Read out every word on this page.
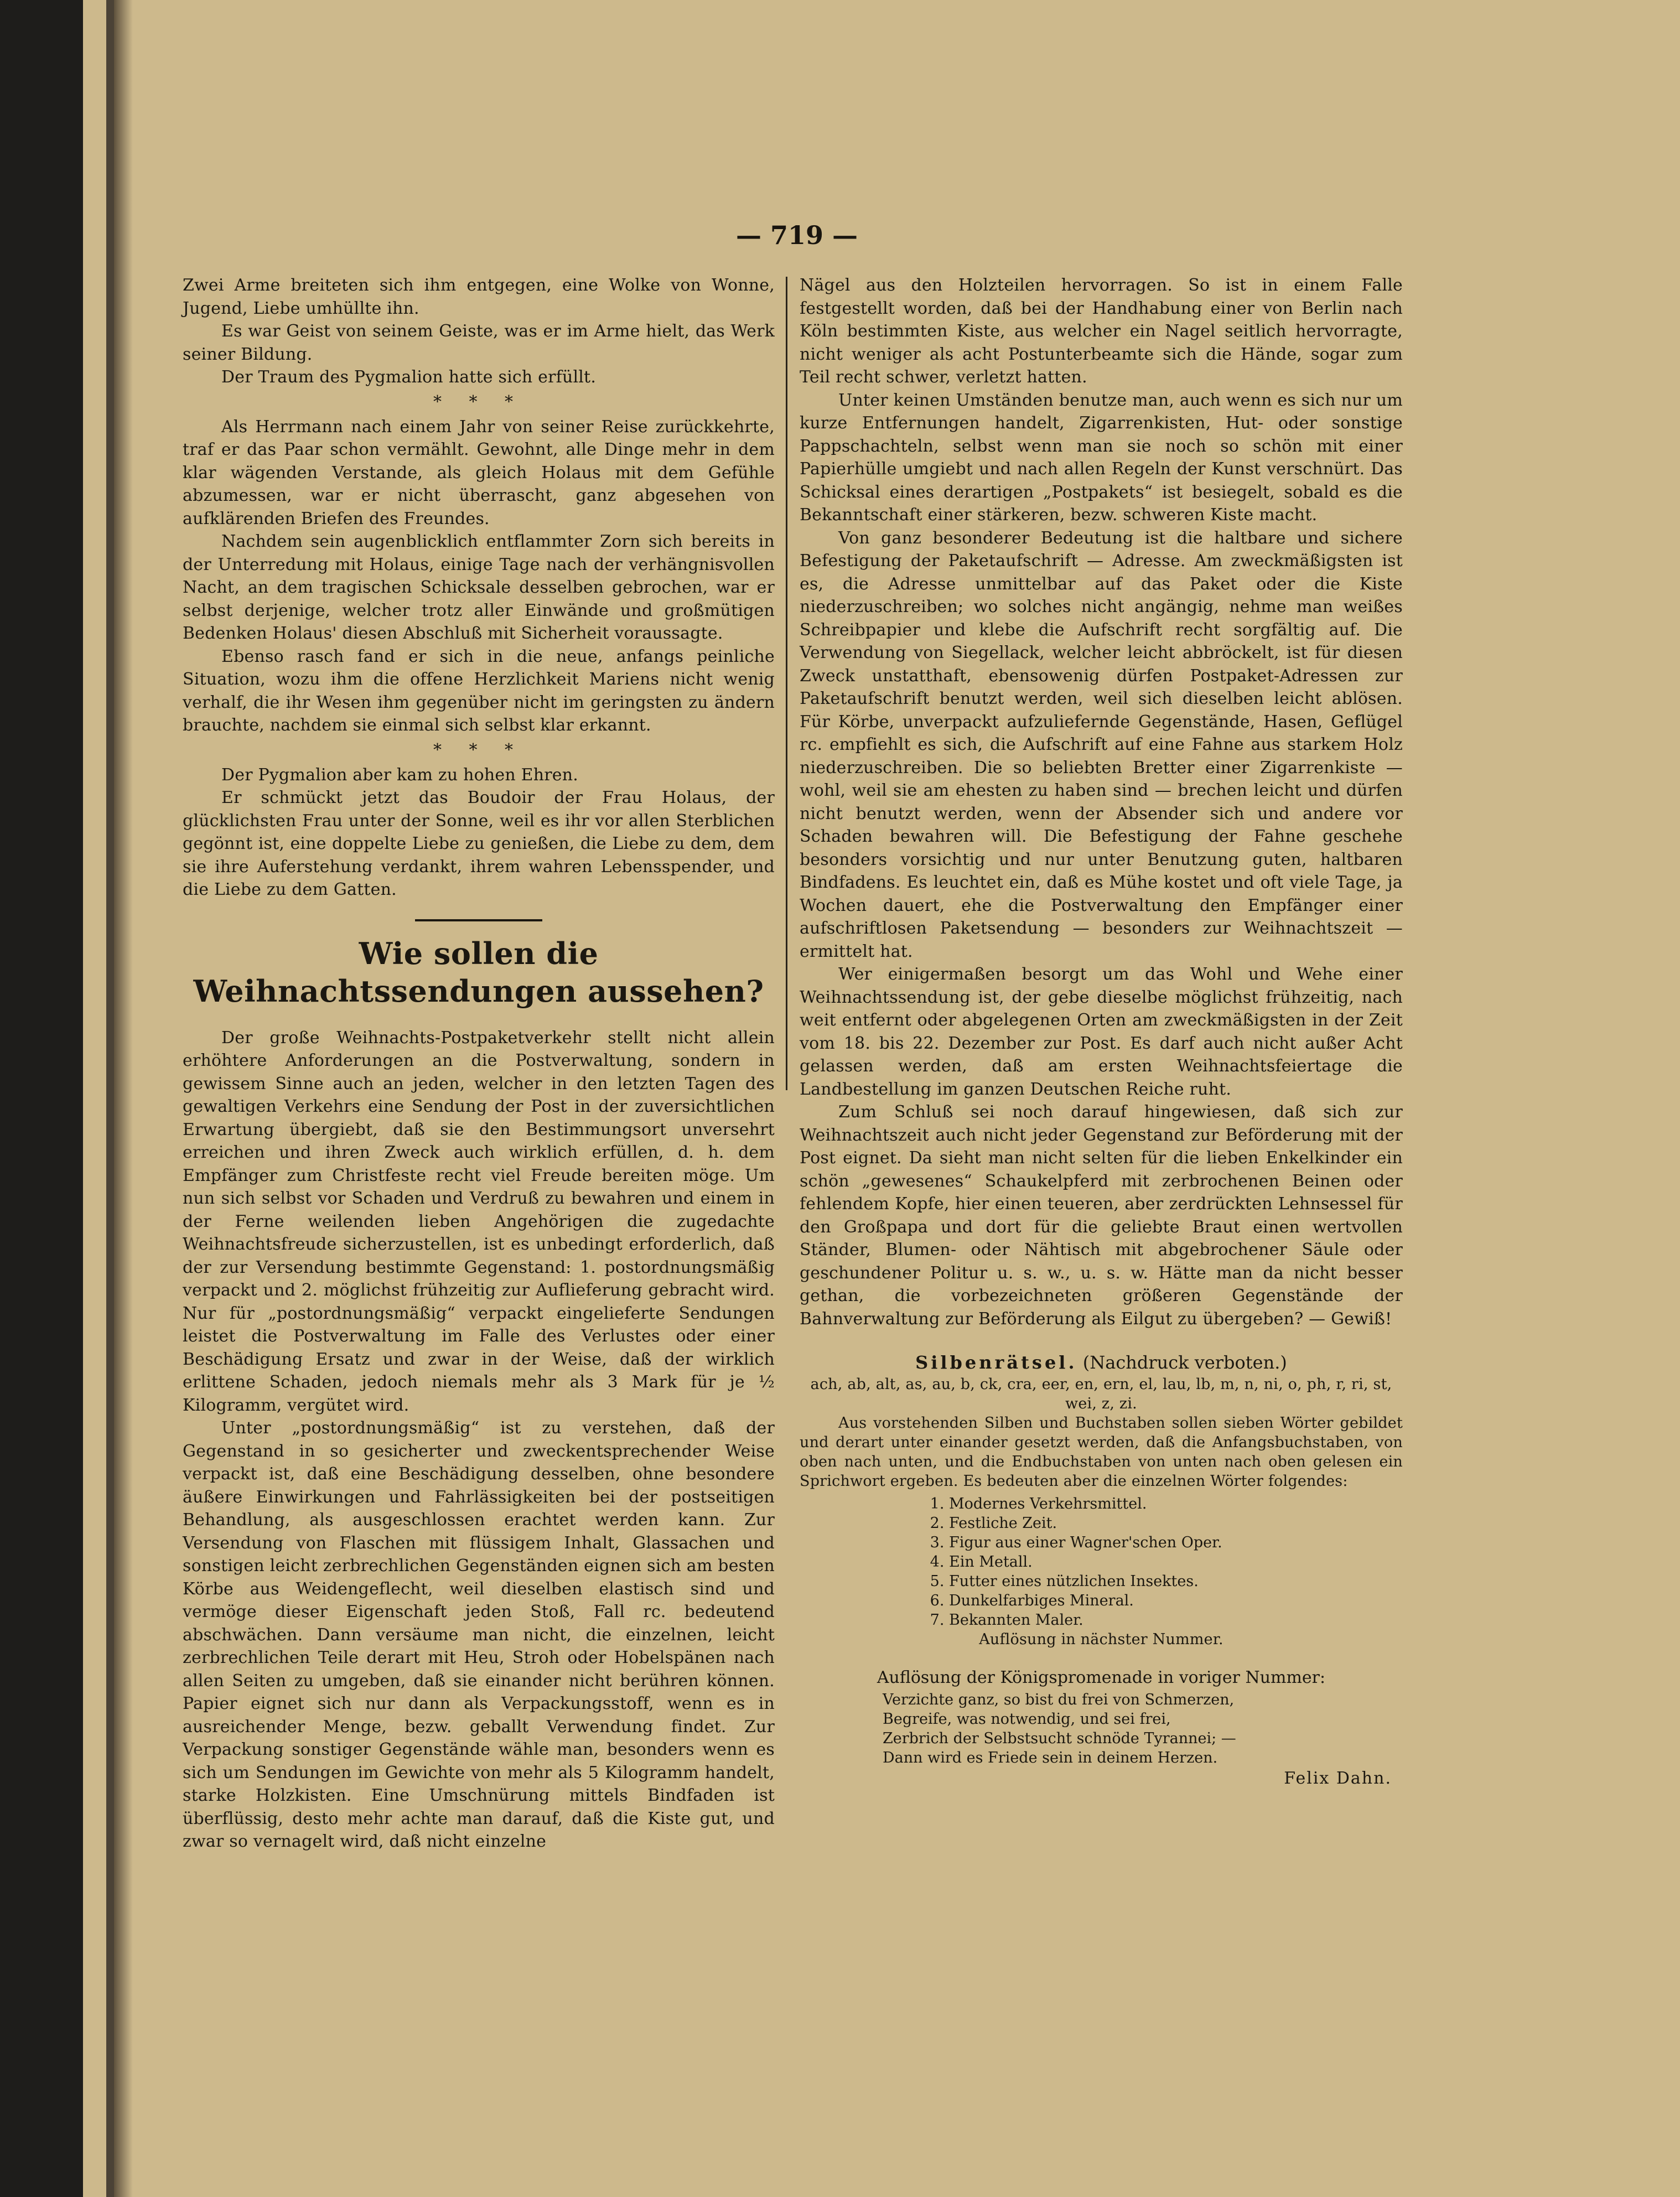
— 719 —

Zwei Arme breiteten sich ihm entgegen, eine Wolke von Wonne, Jugend, Liebe umhüllte ihn.

Es war Geist von seinem Geiste, was er im Arme hielt, das Werk seiner Bildung.

Der Traum des Pygmalion hatte sich erfüllt.

* * *

Als Herrmann nach einem Jahr von seiner Reise zurückkehrte, traf er das Paar schon vermählt. Gewohnt, alle Dinge mehr in dem klar wägenden Verstande, als gleich Holaus mit dem Gefühle abzumessen, war er nicht überrascht, ganz abgesehen von aufklärenden Briefen des Freundes.

Nachdem sein augenblicklich entflammter Zorn sich bereits in der Unterredung mit Holaus, einige Tage nach der verhängnisvollen Nacht, an dem tragischen Schicksale desselben gebrochen, war er selbst derjenige, welcher trotz aller Einwände und großmütigen Bedenken Holaus' diesen Abschluß mit Sicherheit voraussagte.

Ebenso rasch fand er sich in die neue, anfangs peinliche Situation, wozu ihm die offene Herzlichkeit Mariens nicht wenig verhalf, die ihr Wesen ihm gegenüber nicht im geringsten zu ändern brauchte, nachdem sie einmal sich selbst klar erkannt.

* * *

Der Pygmalion aber kam zu hohen Ehren.

Er schmückt jetzt das Boudoir der Frau Holaus, der glücklichsten Frau unter der Sonne, weil es ihr vor allen Sterblichen gegönnt ist, eine doppelte Liebe zu genießen, die Liebe zu dem, dem sie ihre Auferstehung verdankt, ihrem wahren Lebensspender, und die Liebe zu dem Gatten.

Wie sollen die Weihnachtssendungen aussehen?

Der große Weihnachts-Postpaketverkehr stellt nicht allein erhöhtere Anforderungen an die Postverwaltung, sondern in gewissem Sinne auch an jeden, welcher in den letzten Tagen des gewaltigen Verkehrs eine Sendung der Post in der zuversichtlichen Erwartung übergiebt, daß sie den Bestimmungsort unversehrt erreichen und ihren Zweck auch wirklich erfüllen, d. h. dem Empfänger zum Christfeste recht viel Freude bereiten möge. Um nun sich selbst vor Schaden und Verdruß zu bewahren und einem in der Ferne weilenden lieben Angehörigen die zugedachte Weihnachtsfreude sicherzustellen, ist es unbedingt erforderlich, daß der zur Versendung bestimmte Gegenstand: 1. postordnungsmäßig verpackt und 2. möglichst frühzeitig zur Auflieferung gebracht wird. Nur für „postordnungsmäßig“ verpackt eingelieferte Sendungen leistet die Postverwaltung im Falle des Verlustes oder einer Beschädigung Ersatz und zwar in der Weise, daß der wirklich erlittene Schaden, jedoch niemals mehr als 3 Mark für je ½ Kilogramm, vergütet wird.

Unter „postordnungsmäßig“ ist zu verstehen, daß der Gegenstand in so gesicherter und zweckentsprechender Weise verpackt ist, daß eine Beschädigung desselben, ohne besondere äußere Einwirkungen und Fahrlässigkeiten bei der postseitigen Behandlung, als ausgeschlossen erachtet werden kann. Zur Versendung von Flaschen mit flüssigem Inhalt, Glassachen und sonstigen leicht zerbrechlichen Gegenständen eignen sich am besten Körbe aus Weidengeflecht, weil dieselben elastisch sind und vermöge dieser Eigenschaft jeden Stoß, Fall rc. bedeutend abschwächen. Dann versäume man nicht, die einzelnen, leicht zerbrechlichen Teile derart mit Heu, Stroh oder Hobelspänen nach allen Seiten zu umgeben, daß sie einander nicht berühren können. Papier eignet sich nur dann als Verpackungsstoff, wenn es in ausreichender Menge, bezw. geballt Verwendung findet. Zur Verpackung sonstiger Gegenstände wähle man, besonders wenn es sich um Sendungen im Gewichte von mehr als 5 Kilogramm handelt, starke Holzkisten. Eine Umschnürung mittels Bindfaden ist überflüssig, desto mehr achte man darauf, daß die Kiste gut, und zwar so vernagelt wird, daß nicht einzelne

Nägel aus den Holzteilen hervorragen. So ist in einem Falle festgestellt worden, daß bei der Handhabung einer von Berlin nach Köln bestimmten Kiste, aus welcher ein Nagel seitlich hervorragte, nicht weniger als acht Postunterbeamte sich die Hände, sogar zum Teil recht schwer, verletzt hatten.

Unter keinen Umständen benutze man, auch wenn es sich nur um kurze Entfernungen handelt, Zigarrenkisten, Hut- oder sonstige Pappschachteln, selbst wenn man sie noch so schön mit einer Papierhülle umgiebt und nach allen Regeln der Kunst verschnürt. Das Schicksal eines derartigen „Postpakets“ ist besiegelt, sobald es die Bekanntschaft einer stärkeren, bezw. schweren Kiste macht.

Von ganz besonderer Bedeutung ist die haltbare und sichere Befestigung der Paketaufschrift — Adresse. Am zweckmäßigsten ist es, die Adresse unmittelbar auf das Paket oder die Kiste niederzuschreiben; wo solches nicht angängig, nehme man weißes Schreibpapier und klebe die Aufschrift recht sorgfältig auf. Die Verwendung von Siegellack, welcher leicht abbröckelt, ist für diesen Zweck unstatthaft, ebensowenig dürfen Postpaket-Adressen zur Paketaufschrift benutzt werden, weil sich dieselben leicht ablösen. Für Körbe, unverpackt aufzuliefernde Gegenstände, Hasen, Geflügel rc. empfiehlt es sich, die Aufschrift auf eine Fahne aus starkem Holz niederzuschreiben. Die so beliebten Bretter einer Zigarrenkiste — wohl, weil sie am ehesten zu haben sind — brechen leicht und dürfen nicht benutzt werden, wenn der Absender sich und andere vor Schaden bewahren will. Die Befestigung der Fahne geschehe besonders vorsichtig und nur unter Benutzung guten, haltbaren Bindfadens. Es leuchtet ein, daß es Mühe kostet und oft viele Tage, ja Wochen dauert, ehe die Postverwaltung den Empfänger einer aufschriftlosen Paketsendung — besonders zur Weihnachtszeit — ermittelt hat.

Wer einigermaßen besorgt um das Wohl und Wehe einer Weihnachtssendung ist, der gebe dieselbe möglichst frühzeitig, nach weit entfernt oder abgelegenen Orten am zweckmäßigsten in der Zeit vom 18. bis 22. Dezember zur Post. Es darf auch nicht außer Acht gelassen werden, daß am ersten Weihnachtsfeiertage die Landbestellung im ganzen Deutschen Reiche ruht.

Zum Schluß sei noch darauf hingewiesen, daß sich zur Weihnachtszeit auch nicht jeder Gegenstand zur Beförderung mit der Post eignet. Da sieht man nicht selten für die lieben Enkelkinder ein schön „gewesenes“ Schaukelpferd mit zerbrochenen Beinen oder fehlendem Kopfe, hier einen teueren, aber zerdrückten Lehnsessel für den Großpapa und dort für die geliebte Braut einen wertvollen Ständer, Blumen- oder Nähtisch mit abgebrochener Säule oder geschundener Politur u. s. w., u. s. w. Hätte man da nicht besser gethan, die vorbezeichneten größeren Gegenstände der Bahnverwaltung zur Beförderung als Eilgut zu übergeben? — Gewiß!

Silbenrätsel. (Nachdruck verboten.)

ach, ab, alt, as, au, b, ck, cra, eer, en, ern, el, lau, lb, m, n, ni, o, ph, r, ri, st, wei, z, zi.

Aus vorstehenden Silben und Buchstaben sollen sieben Wörter gebildet und derart unter einander gesetzt werden, daß die Anfangsbuchstaben, von oben nach unten, und die Endbuchstaben von unten nach oben gelesen ein Sprichwort ergeben. Es bedeuten aber die einzelnen Wörter folgendes:

1. Modernes Verkehrsmittel.
2. Festliche Zeit.
3. Figur aus einer Wagner'schen Oper.
4. Ein Metall.
5. Futter eines nützlichen Insektes.
6. Dunkelfarbiges Mineral.
7. Bekannten Maler.

Auflösung in nächster Nummer.

Auflösung der Königspromenade in voriger Nummer:
Verzichte ganz, so bist du frei von Schmerzen,
Begreife, was notwendig, und sei frei,
Zerbrich der Selbstsucht schnöde Tyrannei; —
Dann wird es Friede sein in deinem Herzen.
Felix Dahn.
